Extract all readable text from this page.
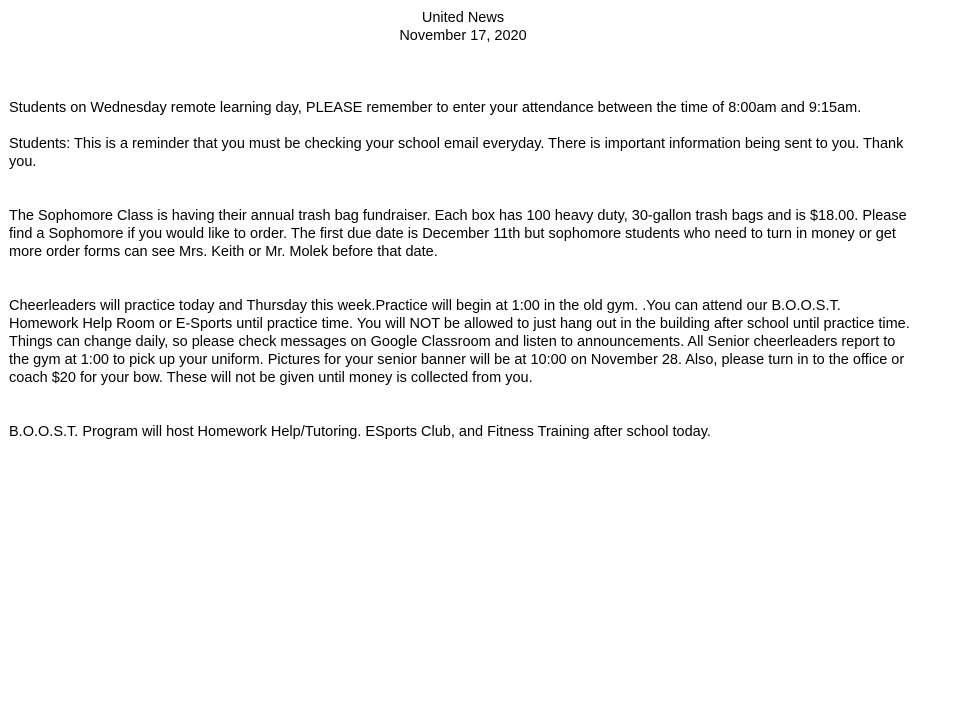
United News
November 17, 2020

Students on Wednesday remote learning day, PLEASE remember to enter your attendance between the time of 8:00am and 9:15am.

Students: This is a reminder that you must be checking your school email everyday. There is important information being sent to you. Thank you.

The Sophomore Class is having their annual trash bag fundraiser. Each box has 100 heavy duty, 30-gallon trash bags and is $18.00. Please find a Sophomore if you would like to order. The first due date is December 11th but sophomore students who need to turn in money or get more order forms can see Mrs. Keith or Mr. Molek before that date.

Cheerleaders will practice today and Thursday this week.Practice will begin at 1:00 in the old gym. .You can attend our B.O.O.S.T. Homework Help Room or E-Sports until practice time. You will NOT be allowed to just hang out in the building after school until practice time. Things can change daily, so please check messages on Google Classroom and listen to announcements. All Senior cheerleaders report to the gym at 1:00 to pick up your uniform. Pictures for your senior banner will be at 10:00 on November 28. Also, please turn in to the office or coach $20 for your bow. These will not be given until money is collected from you.

B.O.O.S.T. Program will host Homework Help/Tutoring. ESports Club, and Fitness Training after school today.
